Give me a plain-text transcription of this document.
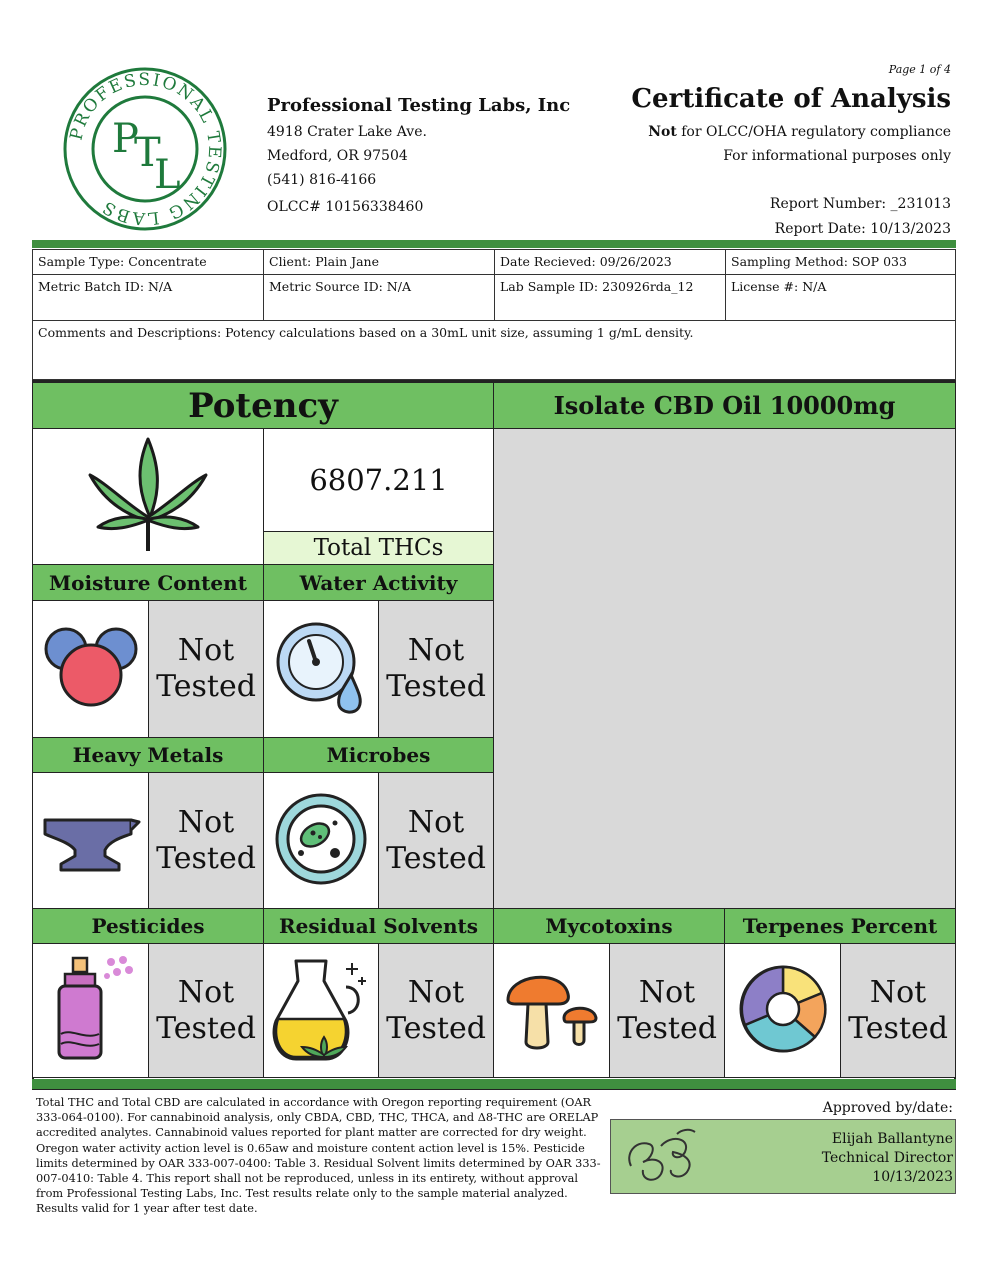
PROFESSIONAL TESTING LABS
P
T
L
Professional Testing Labs, Inc
4918 Crater Lake Ave.
Medford, OR 97504
(541) 816-4166
OLCC# 10156338460
Page 1 of 4
Certificate of Analysis
Not for OLCC/OHA regulatory compliance
For informational purposes only
Report Number: _231013
Report Date: 10/13/2023
Sample Type: Concentrate	Client: Plain Jane	Date Recieved: 09/26/2023	Sampling Method: SOP 033
Metric Batch ID: N/A	Metric Source ID: N/A	Lab Sample ID: 230926rda_12	License #: N/A
Comments and Descriptions: Potency calculations based on a 30mL unit size, assuming 1 g/mL density.
Potency	Isolate CBD Oil 10000mg
6807.211
Total THCs
Moisture Content	Water Activity
Not Tested
Not Tested
Heavy Metals	Microbes
Not Tested
Not Tested
Pesticides	Residual Solvents	Mycotoxins	Terpenes Percent
Not Tested
Not Tested
Not Tested
Not Tested
Total THC and Total CBD are calculated in accordance with Oregon reporting requirement (OAR 333-064-0100). For cannabinoid analysis, only CBDA, CBD, THC, THCA, and Δ8-THC are ORELAP accredited analytes. Cannabinoid values reported for plant matter are corrected for dry weight. Oregon water activity action level is 0.65aw and moisture content action level is 15%. Pesticide limits determined by OAR 333-007-0400: Table 3. Residual Solvent limits determined by OAR 333-007-0410: Table 4. This report shall not be reproduced, unless in its entirety, without approval from Professional Testing Labs, Inc. Test results relate only to the sample material analyzed. Results valid for 1 year after test date.
Approved by/date:
Elijah Ballantyne
Technical Director
10/13/2023
